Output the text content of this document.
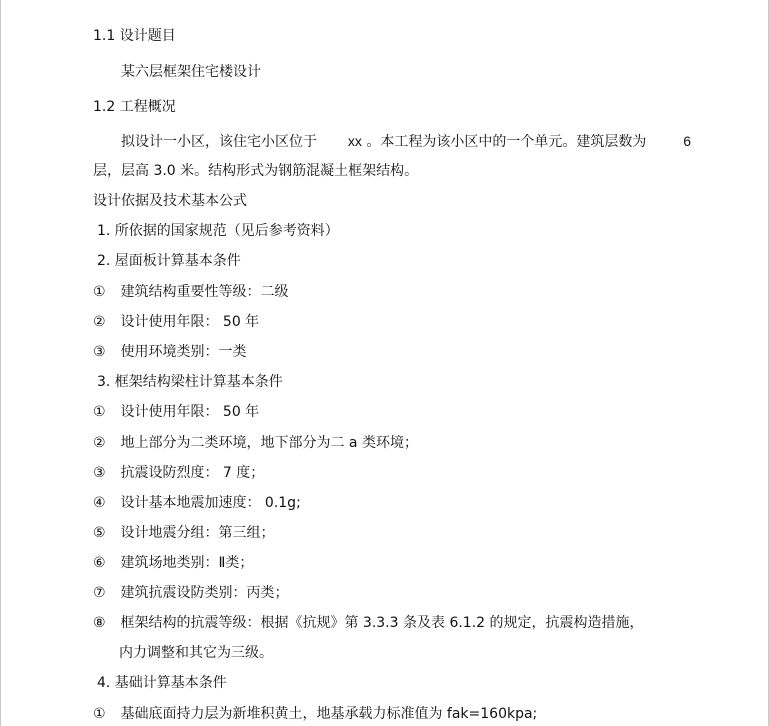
1.1 设计题目
某六层框架住宅楼设计
1.2 工程概况
拟设计一小区，该住宅小区位于 xx 。本工程为该小区中的一个单元。建筑层数为	6
层，层高 3.0 米。结构形式为钢筋混凝土框架结构。
设计依据及技术基本公式
1. 所依据的国家规范（见后参考资料）
2. 屋面板计算基本条件
① 建筑结构重要性等级：二级
② 设计使用年限： 50 年
③ 使用环境类别：一类
3. 框架结构梁柱计算基本条件
① 设计使用年限： 50 年
② 地上部分为二类环境，地下部分为二 a 类环境；
③ 抗震设防烈度： 7 度；
④ 设计基本地震加速度： 0.1g;
⑤ 设计地震分组：第三组；
⑥ 建筑场地类别：Ⅱ类；
⑦ 建筑抗震设防类别：丙类；
⑧ 框架结构的抗震等级：根据《抗规》第 3.3.3 条及表 6.1.2 的规定，抗震构造措施，
内力调整和其它为三级。
4. 基础计算基本条件
① 基础底面持力层为新堆积黄土，地基承载力标准值为 fak=160kpa;
